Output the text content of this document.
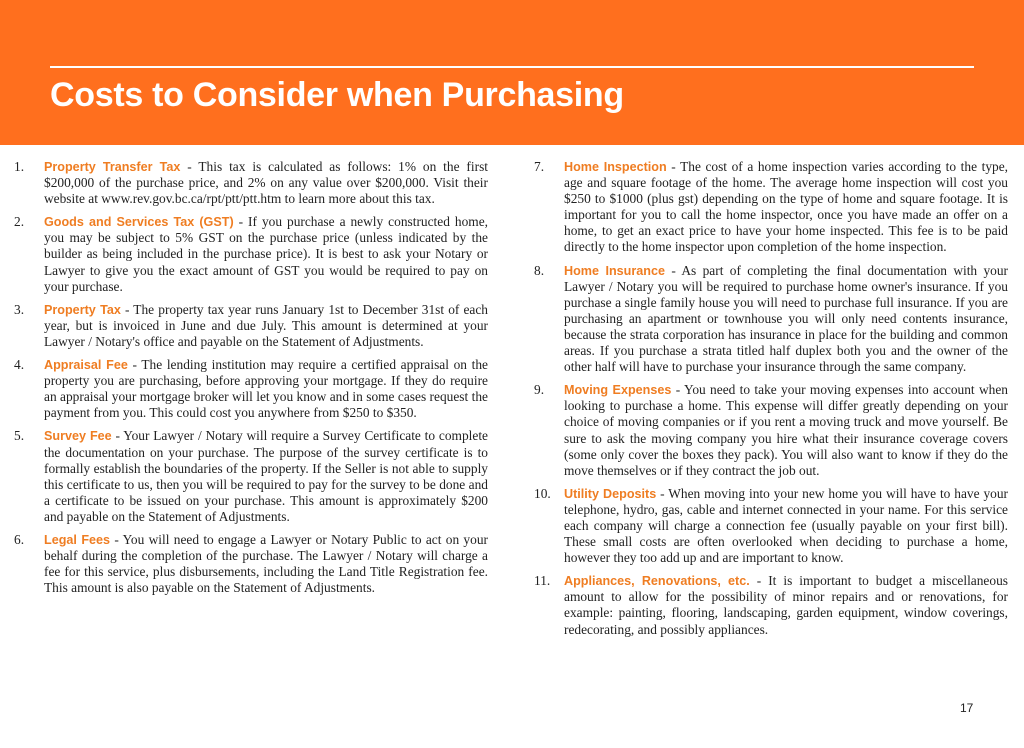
Costs to Consider when Purchasing
1. Property Transfer Tax - This tax is calculated as follows: 1% on the first $200,000 of the purchase price, and 2% on any value over $200,000. Visit their website at www.rev.gov.bc.ca/rpt/ptt/ptt.htm to learn more about this tax.
2. Goods and Services Tax (GST) - If you purchase a newly constructed home, you may be subject to 5% GST on the purchase price (unless indicated by the builder as being included in the purchase price). It is best to ask your Notary or Lawyer to give you the exact amount of GST you would be required to pay on your purchase.
3. Property Tax - The property tax year runs January 1st to December 31st of each year, but is invoiced in June and due July. This amount is determined at your Lawyer / Notary's office and payable on the Statement of Adjustments.
4. Appraisal Fee - The lending institution may require a certified appraisal on the property you are purchasing, before approving your mortgage. If they do require an appraisal your mortgage broker will let you know and in some cases request the payment from you. This could cost you anywhere from $250 to $350.
5. Survey Fee - Your Lawyer / Notary will require a Survey Certificate to complete the documentation on your purchase. The purpose of the survey certificate is to formally establish the boundaries of the property. If the Seller is not able to supply this certificate to us, then you will be required to pay for the survey to be done and a certificate to be issued on your purchase. This amount is approximately $200 and payable on the Statement of Adjustments.
6. Legal Fees - You will need to engage a Lawyer or Notary Public to act on your behalf during the completion of the purchase. The Lawyer / Notary will charge a fee for this service, plus disbursements, including the Land Title Registration fee. This amount is also payable on the Statement of Adjustments.
7. Home Inspection - The cost of a home inspection varies according to the type, age and square footage of the home. The average home inspection will cost you $250 to $1000 (plus gst) depending on the type of home and square footage. It is important for you to call the home inspector, once you have made an offer on a home, to get an exact price to have your home inspected. This fee is to be paid directly to the home inspector upon completion of the home inspection.
8. Home Insurance - As part of completing the final documentation with your Lawyer / Notary you will be required to purchase home owner's insurance. If you purchase a single family house you will need to purchase full insurance. If you are purchasing an apartment or townhouse you will only need contents insurance, because the strata corporation has insurance in place for the building and common areas. If you purchase a strata titled half duplex both you and the owner of the other half will have to purchase your insurance through the same company.
9. Moving Expenses - You need to take your moving expenses into account when looking to purchase a home. This expense will differ greatly depending on your choice of moving companies or if you rent a moving truck and move yourself. Be sure to ask the moving company you hire what their insurance coverage covers (some only cover the boxes they pack). You will also want to know if they do the move themselves or if they contract the job out.
10. Utility Deposits - When moving into your new home you will have to have your telephone, hydro, gas, cable and internet connected in your name. For this service each company will charge a connection fee (usually payable on your first bill). These small costs are often overlooked when deciding to purchase a home, however they too add up and are important to know.
11. Appliances, Renovations, etc. - It is important to budget a miscellaneous amount to allow for the possibility of minor repairs and or renovations, for example: painting, flooring, landscaping, garden equipment, window coverings, redecorating, and possibly appliances.
17
